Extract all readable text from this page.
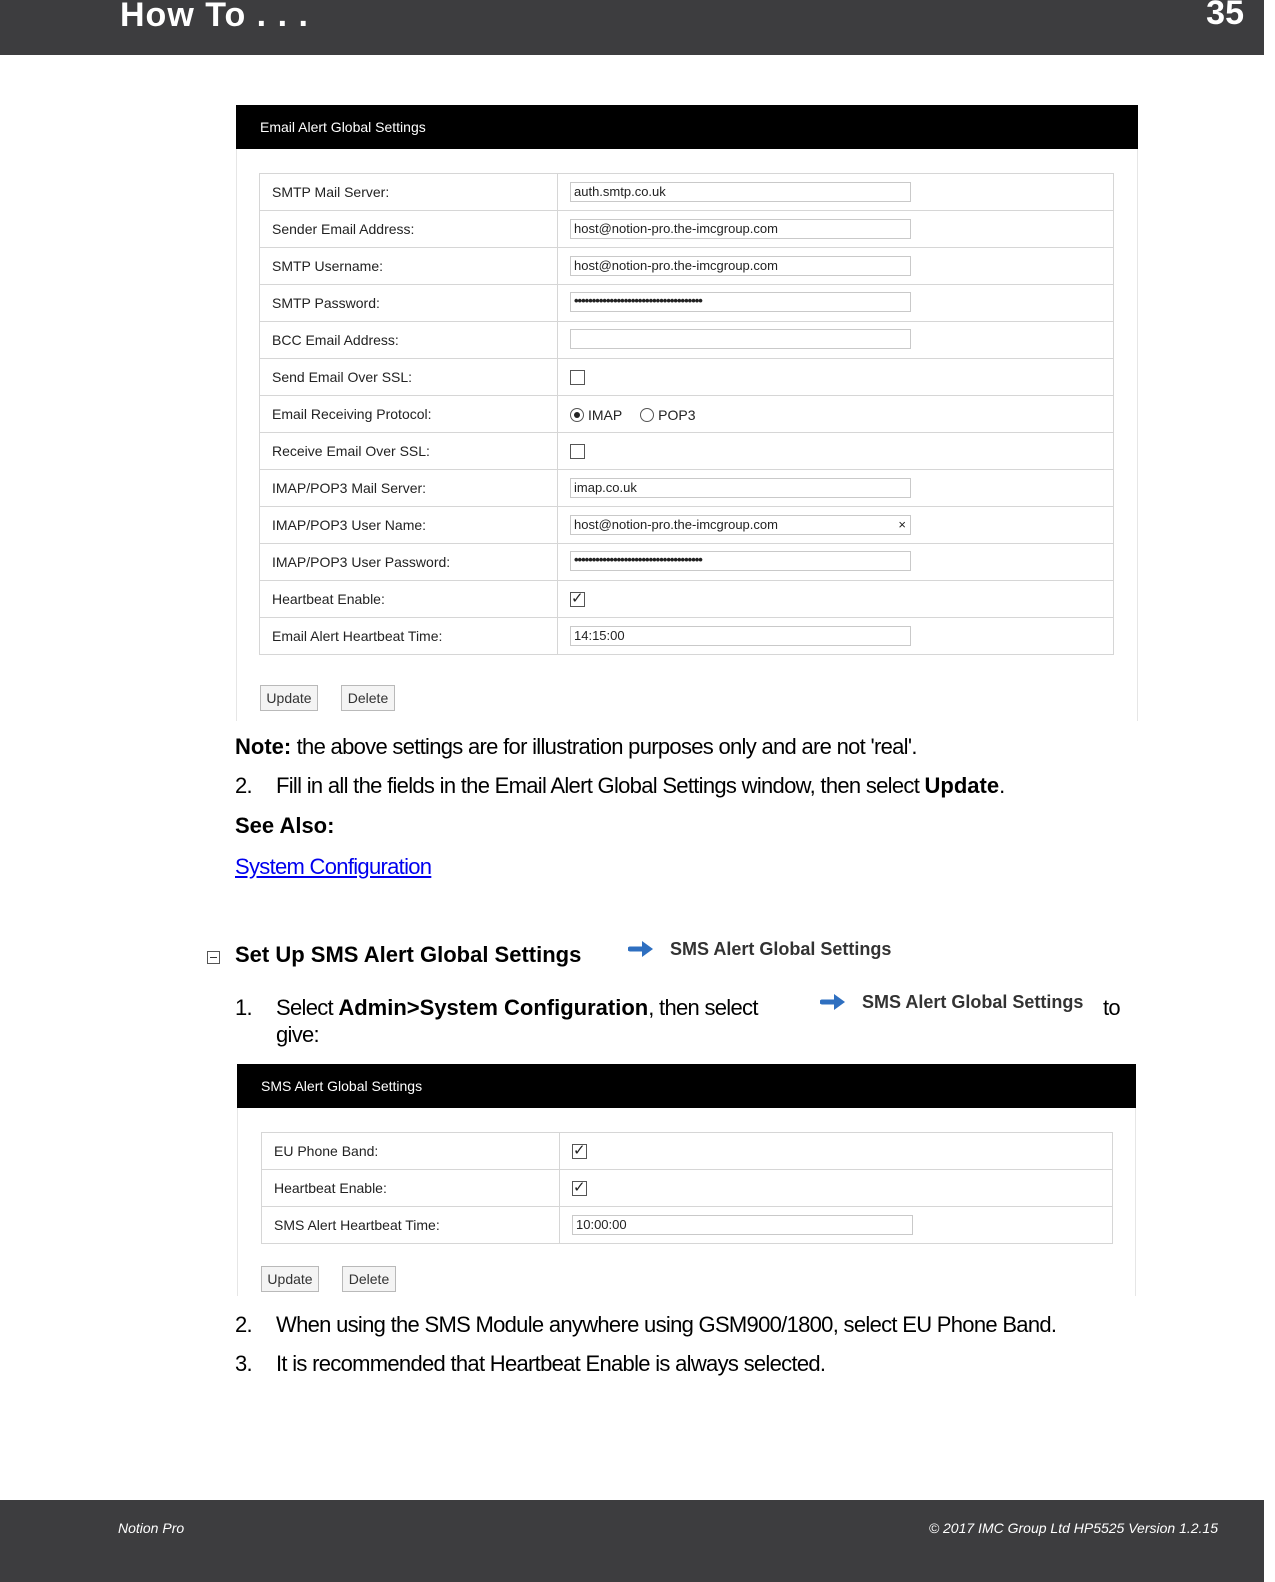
How To . . .	35
Email Alert Global Settings
SMTP Mail Server:	auth.smtp.co.uk
Sender Email Address:	host@notion-pro.the-imcgroup.com
SMTP Username:	host@notion-pro.the-imcgroup.com
SMTP Password:	••••••••••••••••••••••••••••••••••••
BCC Email Address:	
Send Email Over SSL:	
Email Receiving Protocol:	IMAP POP3
Receive Email Over SSL:	
IMAP/POP3 Mail Server:	imap.co.uk
IMAP/POP3 User Name:	host@notion-pro.the-imcgroup.com ×

IMAP/POP3 User Password:	••••••••••••••••••••••••••••••••••••
Heartbeat Enable:	✓
Email Alert Heartbeat Time:	14:15:00
Update	Delete
Note: the above settings are for illustration purposes only and are not 'real'.
2. Fill in all the fields in the Email Alert Global Settings window, then select Update.
See Also:
System Configuration
Set Up SMS Alert Global Settings	SMS Alert Global Settings
1. Select Admin>System Configuration, then select	SMS Alert Global Settings to
give:
SMS Alert Global Settings
EU Phone Band:	✓
Heartbeat Enable:	✓
SMS Alert Heartbeat Time:	10:00:00
Update	Delete
2. When using the SMS Module anywhere using GSM900/1800, select EU Phone Band.
3. It is recommended that Heartbeat Enable is always selected.
Notion Pro	© 2017 IMC Group Ltd HP5525 Version 1.2.15
